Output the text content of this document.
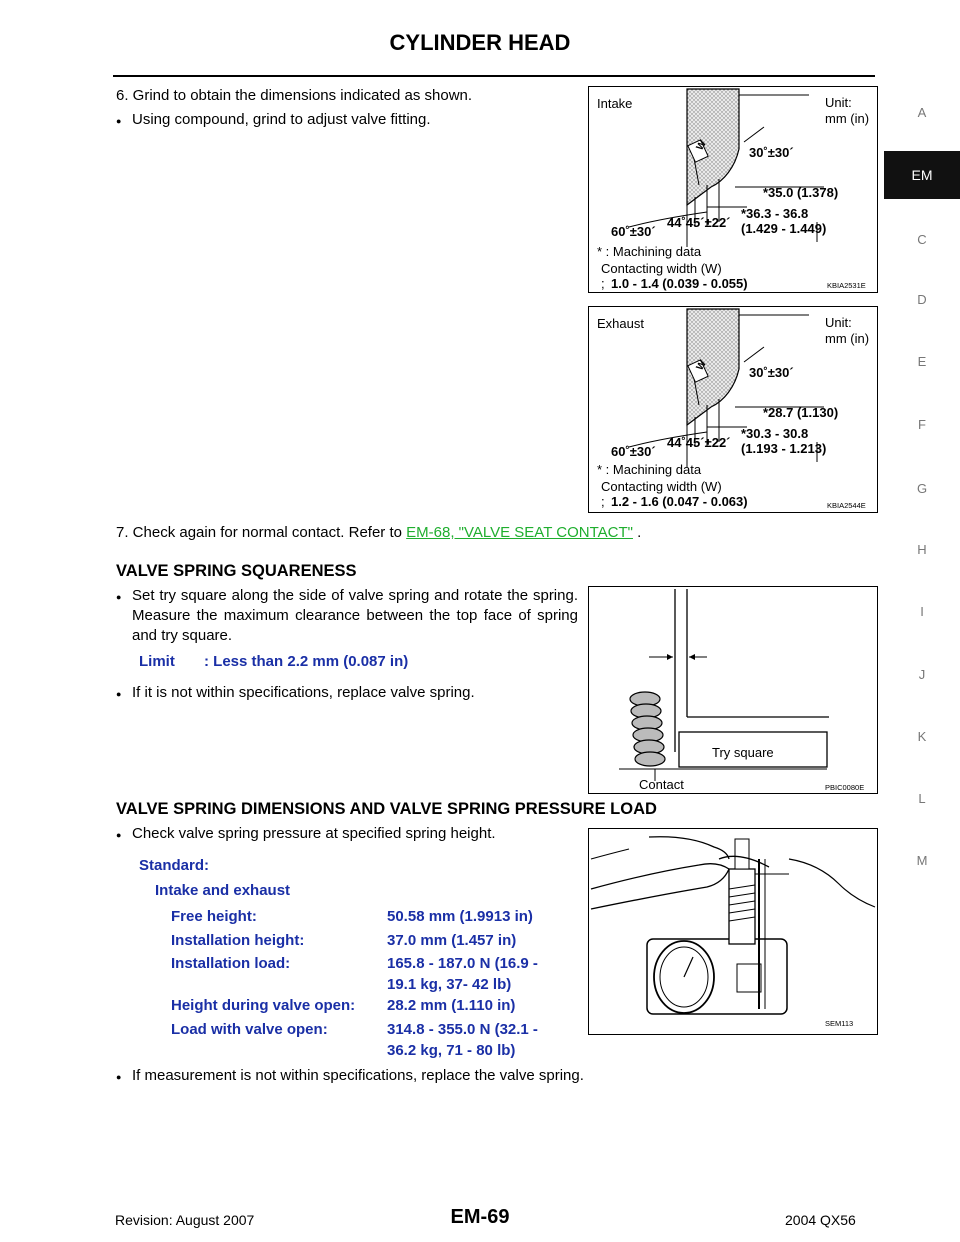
CYLINDER HEAD
A
EM
C
D
E
F
G
H
I
J
K
L
M
6. Grind to obtain the dimensions indicated as shown.
● Using compound, grind to adjust valve fitting.
Intake	Unit:
mm (in)
30˚±30´
*35.0 (1.378)
*36.3 - 36.8
(1.429 - 1.449)
44˚45´±22´
60˚±30´
W
* : Machining data
Contacting width (W)
; 1.0 - 1.4 (0.039 - 0.055)	KBIA2531E
Exhaust	Unit:
mm (in)
30˚±30´
*28.7 (1.130)
*30.3 - 30.8
(1.193 - 1.213)
44˚45´±22´
60˚±30´
W
* : Machining data
Contacting width (W)
; 1.2 - 1.6 (0.047 - 0.063)	KBIA2544E
7. Check again for normal contact. Refer to EM-68, "VALVE SEAT CONTACT" .
VALVE SPRING SQUARENESS
● Set try square along the side of valve spring and rotate the spring. Measure the maximum clearance between the top face of spring and try square.
Limit       : Less than 2.2 mm (0.087 in)
● If it is not within specifications, replace valve spring.
Try square
Contact	PBIC0080E
VALVE SPRING DIMENSIONS AND VALVE SPRING PRESSURE LOAD
● Check valve spring pressure at specified spring height.
Standard:
Intake and exhaust
Free height:	50.58 mm (1.9913 in)
Installation height:	37.0 mm (1.457 in)
Installation load:	165.8 - 187.0 N (16.9 - 19.1 kg, 37- 42 lb)
Height during valve open:	28.2 mm (1.110 in)
Load with valve open:	314.8 - 355.0 N (32.1 - 36.2 kg, 71 - 80 lb)
● If measurement is not within specifications, replace the valve spring.
SEM113
Revision: August 2007	EM-69	2004 QX56
